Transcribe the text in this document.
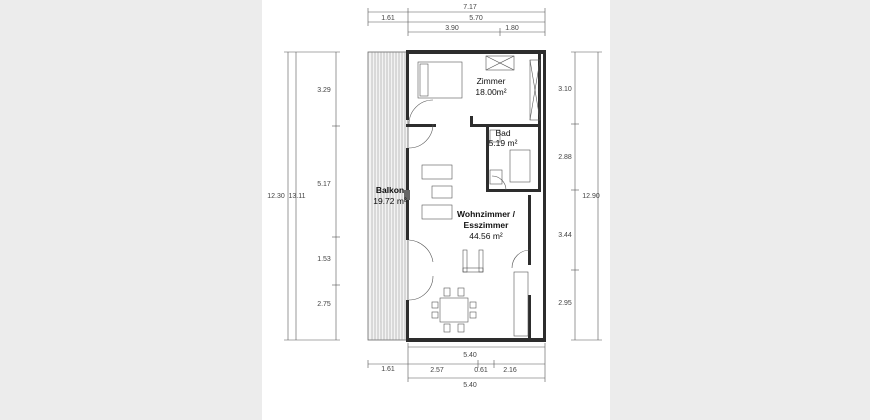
7.17
1.61	5.70
3.90	1.80
3.29
5.17
1.53
2.75
12.30 13.11
3.10
2.88
3.44
2.95
12.90
5.40
1.61	2.57	0.61 2.16
5.40
Zimmer
18.00m²
Bad
5.19 m²
Balkon
19.72 m²
Wohnzimmer /
Esszimmer
44.56 m²
